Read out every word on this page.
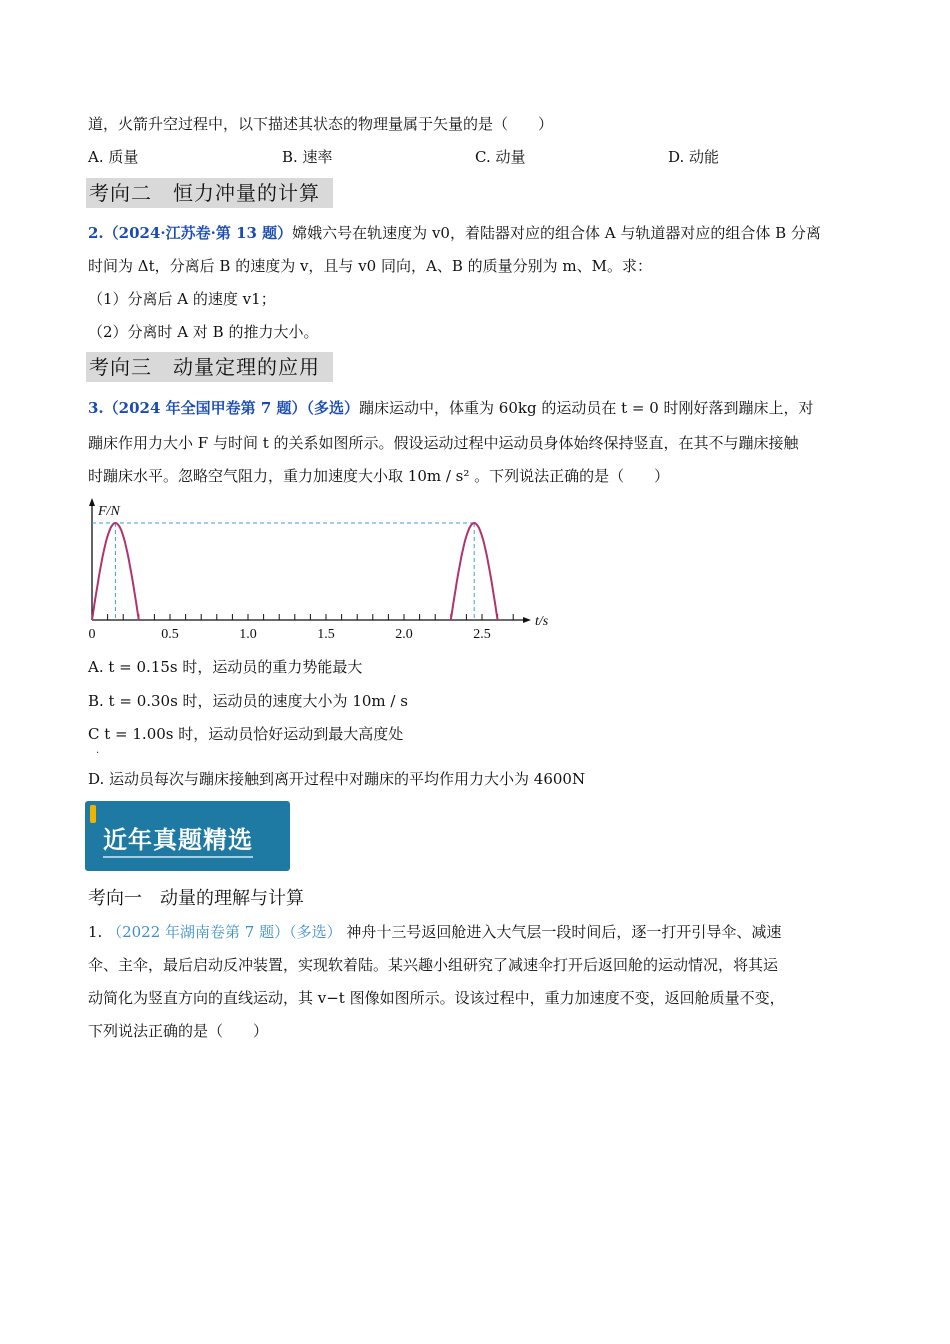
道，火箭升空过程中，以下描述其状态的物理量属于矢量的是（　　）
A. 质量	B. 速率	C. 动量	D. 动能
考向二　恒力冲量的计算
2.（2024·江苏卷·第 13 题）嫦娥六号在轨速度为 v0，着陆器对应的组合体 A 与轨道器对应的组合体 B 分离
时间为 Δt，分离后 B 的速度为 v，且与 v0 同向，A、B 的质量分别为 m、M。求：
（1）分离后 A 的速度 v1；
（2）分离时 A 对 B 的推力大小。
考向三　动量定理的应用
3.（2024 年全国甲卷第 7 题）（多选）蹦床运动中，体重为 60kg 的运动员在 t = 0 时刚好落到蹦床上，对
蹦床作用力大小 F 与时间 t 的关系如图所示。假设运动过程中运动员身体始终保持竖直，在其不与蹦床接触
时蹦床水平。忽略空气阻力，重力加速度大小取 10m / s² 。下列说法正确的是（　　）
0	0.5	1.0	1.5	2.0	2.5
F/N
t/s
A. t = 0.15s 时，运动员的重力势能最大
B. t = 0.30s 时，运动员的速度大小为 10m / s
C t = 1.00s 时，运动员恰好运动到最大高度处
.
D. 运动员每次与蹦床接触到离开过程中对蹦床的平均作用力大小为 4600N
近年真题精选
考向一　动量的理解与计算
1. （2022 年湖南卷第 7 题）（多选） 神舟十三号返回舱进入大气层一段时间后，逐一打开引导伞、减速
伞、主伞，最后启动反冲装置，实现软着陆。某兴趣小组研究了减速伞打开后返回舱的运动情况，将其运
动简化为竖直方向的直线运动，其 v−t 图像如图所示。设该过程中，重力加速度不变，返回舱质量不变，
下列说法正确的是（　　）
